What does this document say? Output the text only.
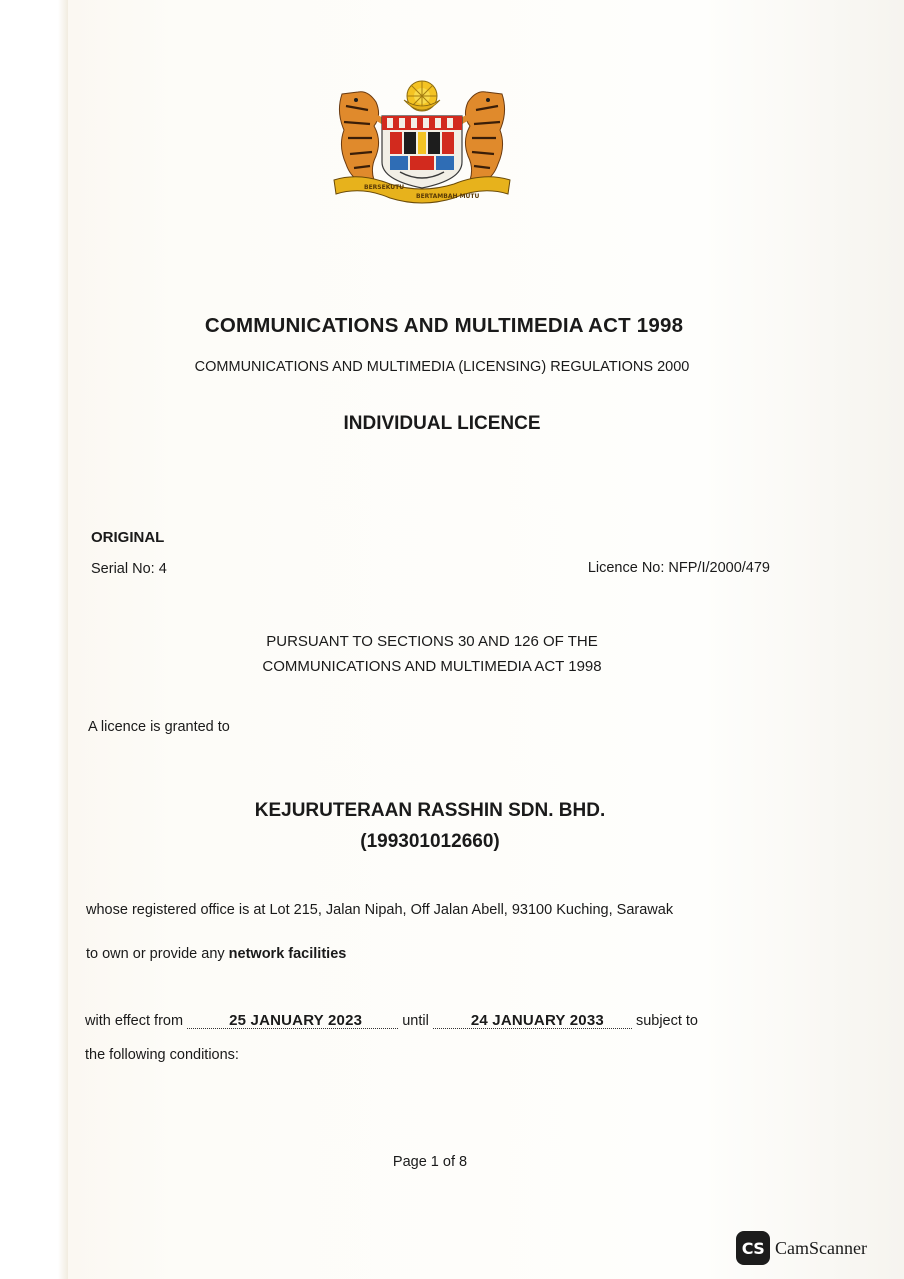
BERSEKUTU
BERTAMBAH MUTU
COMMUNICATIONS AND MULTIMEDIA ACT 1998
COMMUNICATIONS AND MULTIMEDIA (LICENSING) REGULATIONS 2000
INDIVIDUAL LICENCE
ORIGINAL
Serial No: 4	Licence No: NFP/I/2000/479
PURSUANT TO SECTIONS 30 AND 126 OF THE
COMMUNICATIONS AND MULTIMEDIA ACT 1998
A licence is granted to
KEJURUTERAAN RASSHIN SDN. BHD.
(199301012660)
whose registered office is at Lot 215, Jalan Nipah, Off Jalan Abell, 93100 Kuching, Sarawak
to own or provide any network facilities
with effect from	25 JANUARY 2023	until	24 JANUARY 2033 subject to
the following conditions:
Page 1 of 8
CS CamScanner
